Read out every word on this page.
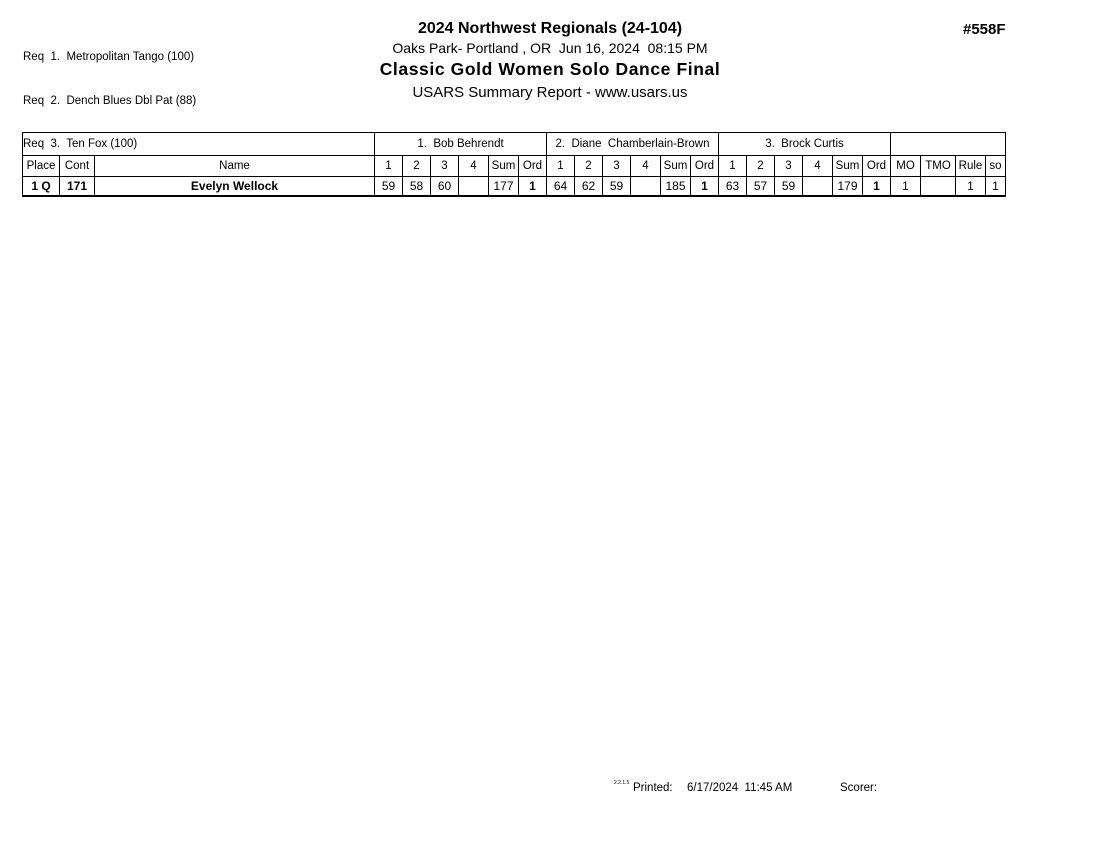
Req  1.  Metropolitan Tango (100)

Req  2.  Dench Blues Dbl Pat (88)

Req  3.  Ten Fox (100)

2024 Northwest Regionals (24-104)
Oaks Park- Portland , OR  Jun 16, 2024  08:15 PM
Classic Gold Women Solo Dance Final
USARS Summary Report - www.usars.us
#558F
			1.  Bob Behrendt						2.  Diane  Chamberlain-Brown						3.  Brock Curtis									
Place	Cont	Name	1	2	3	4	Sum	Ord	1	2	3	4	Sum	Ord	1	2	3	4	Sum	Ord	MO	TMO	Rule	so
1 Q	171	Evelyn Wellock	59	58	60		177	1	64	62	59		185	1	63	57	59		179	1	1		1	1
2.2.1.5 Printed: 6/17/2024  11:45 AM	Scorer:
